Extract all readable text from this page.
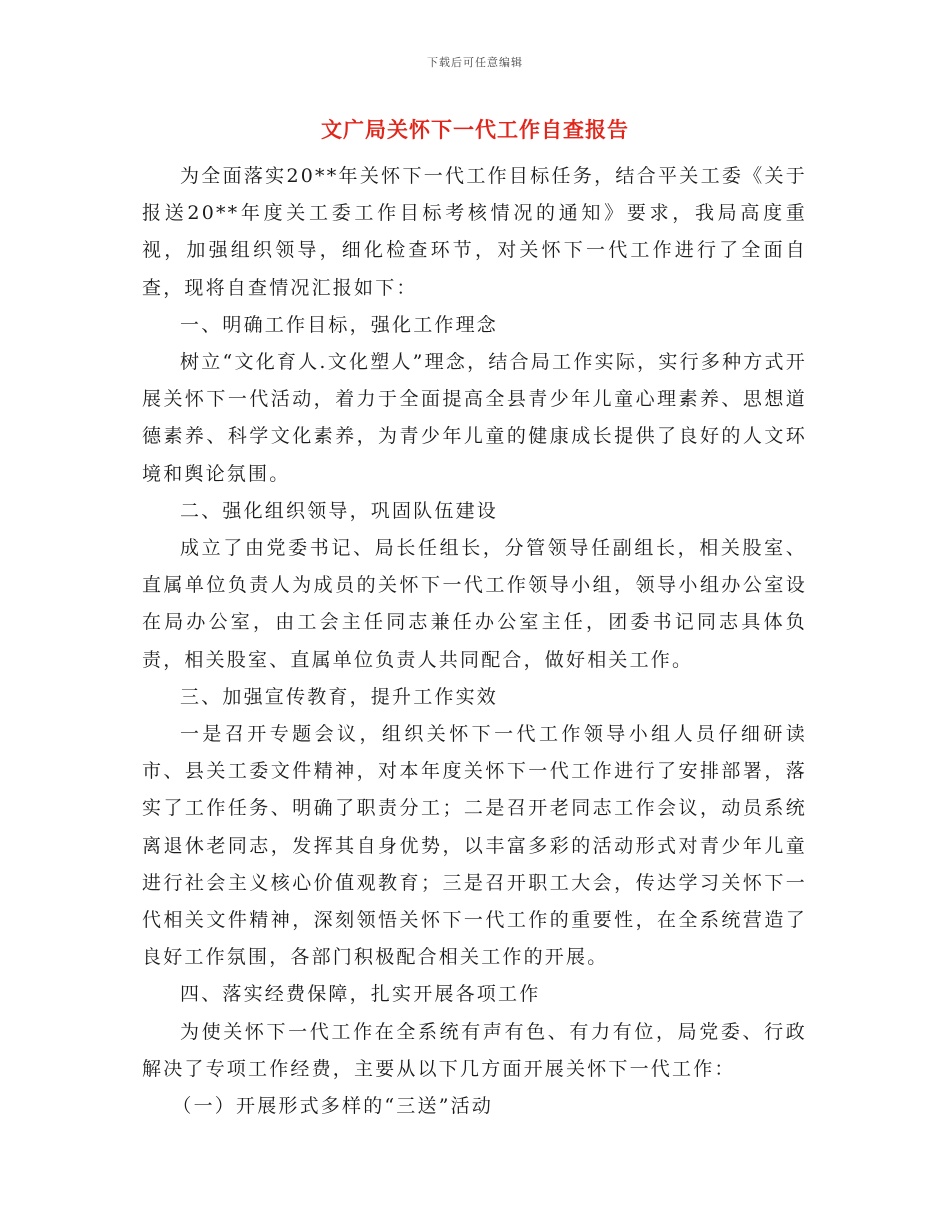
下载后可任意编辑
文广局关怀下一代工作自查报告

为全面落实20**年关怀下一代工作目标任务，结合平关工委《关于报送20**年度关工委工作目标考核情况的通知》要求，我局高度重视，加强组织领导，细化检查环节，对关怀下一代工作进行了全面自查，现将自查情况汇报如下：

一、明确工作目标，强化工作理念

树立“文化育人.文化塑人”理念，结合局工作实际，实行多种方式开展关怀下一代活动，着力于全面提高全县青少年儿童心理素养、思想道德素养、科学文化素养，为青少年儿童的健康成长提供了良好的人文环境和舆论氛围。

二、强化组织领导，巩固队伍建设

成立了由党委书记、局长任组长，分管领导任副组长，相关股室、直属单位负责人为成员的关怀下一代工作领导小组，领导小组办公室设在局办公室，由工会主任同志兼任办公室主任，团委书记同志具体负责，相关股室、直属单位负责人共同配合，做好相关工作。

三、加强宣传教育，提升工作实效

一是召开专题会议，组织关怀下一代工作领导小组人员仔细研读市、县关工委文件精神，对本年度关怀下一代工作进行了安排部署，落实了工作任务、明确了职责分工；二是召开老同志工作会议，动员系统离退休老同志，发挥其自身优势，以丰富多彩的活动形式对青少年儿童进行社会主义核心价值观教育；三是召开职工大会，传达学习关怀下一代相关文件精神，深刻领悟关怀下一代工作的重要性，在全系统营造了良好工作氛围，各部门积极配合相关工作的开展。

四、落实经费保障，扎实开展各项工作

为使关怀下一代工作在全系统有声有色、有力有位，局党委、行政解决了专项工作经费，主要从以下几方面开展关怀下一代工作：

（一）开展形式多样的“三送”活动
